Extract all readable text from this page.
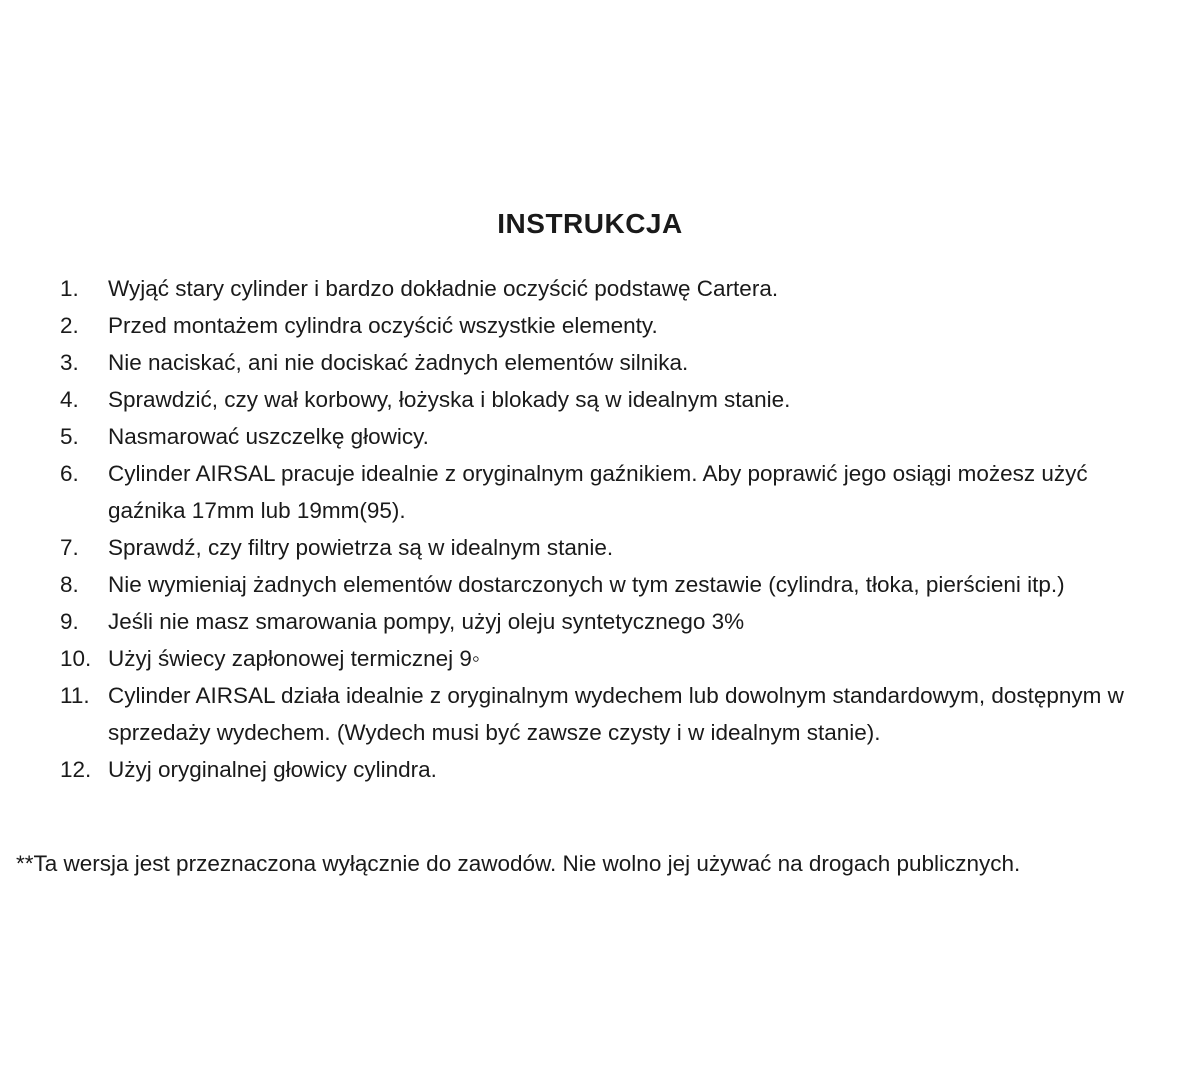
INSTRUKCJA
1.	Wyjąć stary cylinder i bardzo dokładnie oczyścić podstawę Cartera.
2.	Przed montażem cylindra oczyścić wszystkie elementy.
3.	Nie naciskać, ani nie dociskać żadnych elementów silnika.
4.	Sprawdzić, czy wał korbowy, łożyska i blokady są w idealnym stanie.
5.	Nasmarować uszczelkę głowicy.
6.	Cylinder AIRSAL pracuje idealnie z oryginalnym gaźnikiem. Aby poprawić jego osiągi możesz użyć gaźnika 17mm lub 19mm(95).
7.	Sprawdź, czy filtry powietrza są w idealnym stanie.
8.	Nie wymieniaj żadnych elementów dostarczonych w tym zestawie (cylindra, tłoka, pierścieni itp.)
9.	Jeśli nie masz smarowania pompy, użyj oleju syntetycznego 3%
10. Użyj świecy zapłonowej termicznej 9◦
11. Cylinder AIRSAL działa idealnie z oryginalnym wydechem lub dowolnym standardowym, dostępnym w sprzedaży wydechem. (Wydech musi być zawsze czysty i w idealnym stanie).
12. Użyj oryginalnej głowicy cylindra.
**Ta wersja jest przeznaczona wyłącznie do zawodów. Nie wolno jej używać na drogach publicznych.
